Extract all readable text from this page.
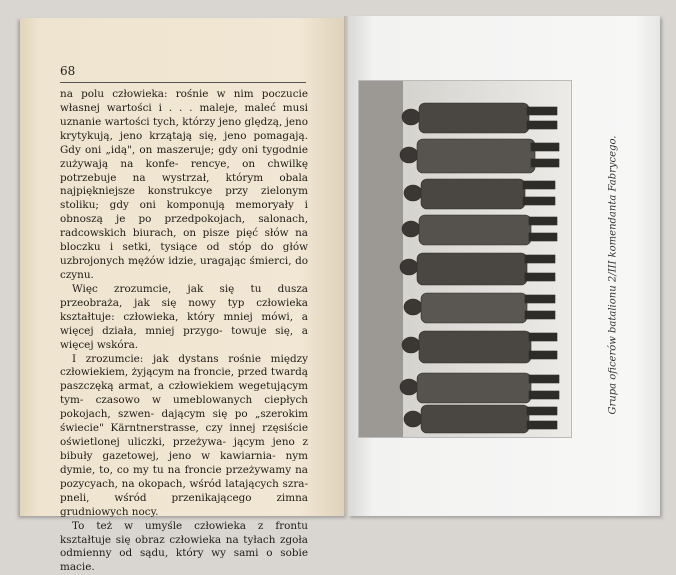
68

na polu człowieka: rośnie w nim poczucie własnej wartości i . . . maleje, maleć musi uznanie wartości tych, którzy jeno ględzą, jeno krytykują, jeno krzątają się, jeno pomagają. Gdy oni „idą", on maszeruje; gdy oni tygodnie zużywają na konfe- rencye, on chwilkę potrzebuje na wystrzał, którym obala najpiękniejsze konstrukcye przy zielonym stoliku; gdy oni komponują memoryały i obnoszą je po przedpokojach, salonach, radcowskich biurach, on pisze pięć słów na bloczku i setki, tysiące od stóp do głów uzbrojonych mężów idzie, uragając śmierci, do czynu.

Więc zrozumcie, jak się tu dusza przeobraża, jak się nowy typ człowieka kształtuje: człowieka, który mniej mówi, a więcej działa, mniej przygo- towuje się, a więcej wskóra.

I zrozumcie: jak dystans rośnie między człowiekiem, żyjącym na froncie, przed twardą paszczęką armat, a człowiekiem wegetującym tym- czasowo w umeblowanych ciepłych pokojach, szwen- dającym się po „szerokim świecie" Kärntnerstrasse, czy innej rzęsiście oświetlonej uliczki, przeżywa- jącym jeno z bibuły gazetowej, jeno w kawiarnia- nym dymie, to, co my tu na froncie przeżywamy na pozycyach, na okopach, wśród latających szra- pneli, wśród przenikającego zimna grudniowych nocy.

To też w umyśle człowieka z frontu kształtuje się obraz człowieka na tyłach zgoła odmienny od sądu, który wy sami o sobie macie.

Grupa oficerów batalionu 2/III komendanta Fabrycego.
